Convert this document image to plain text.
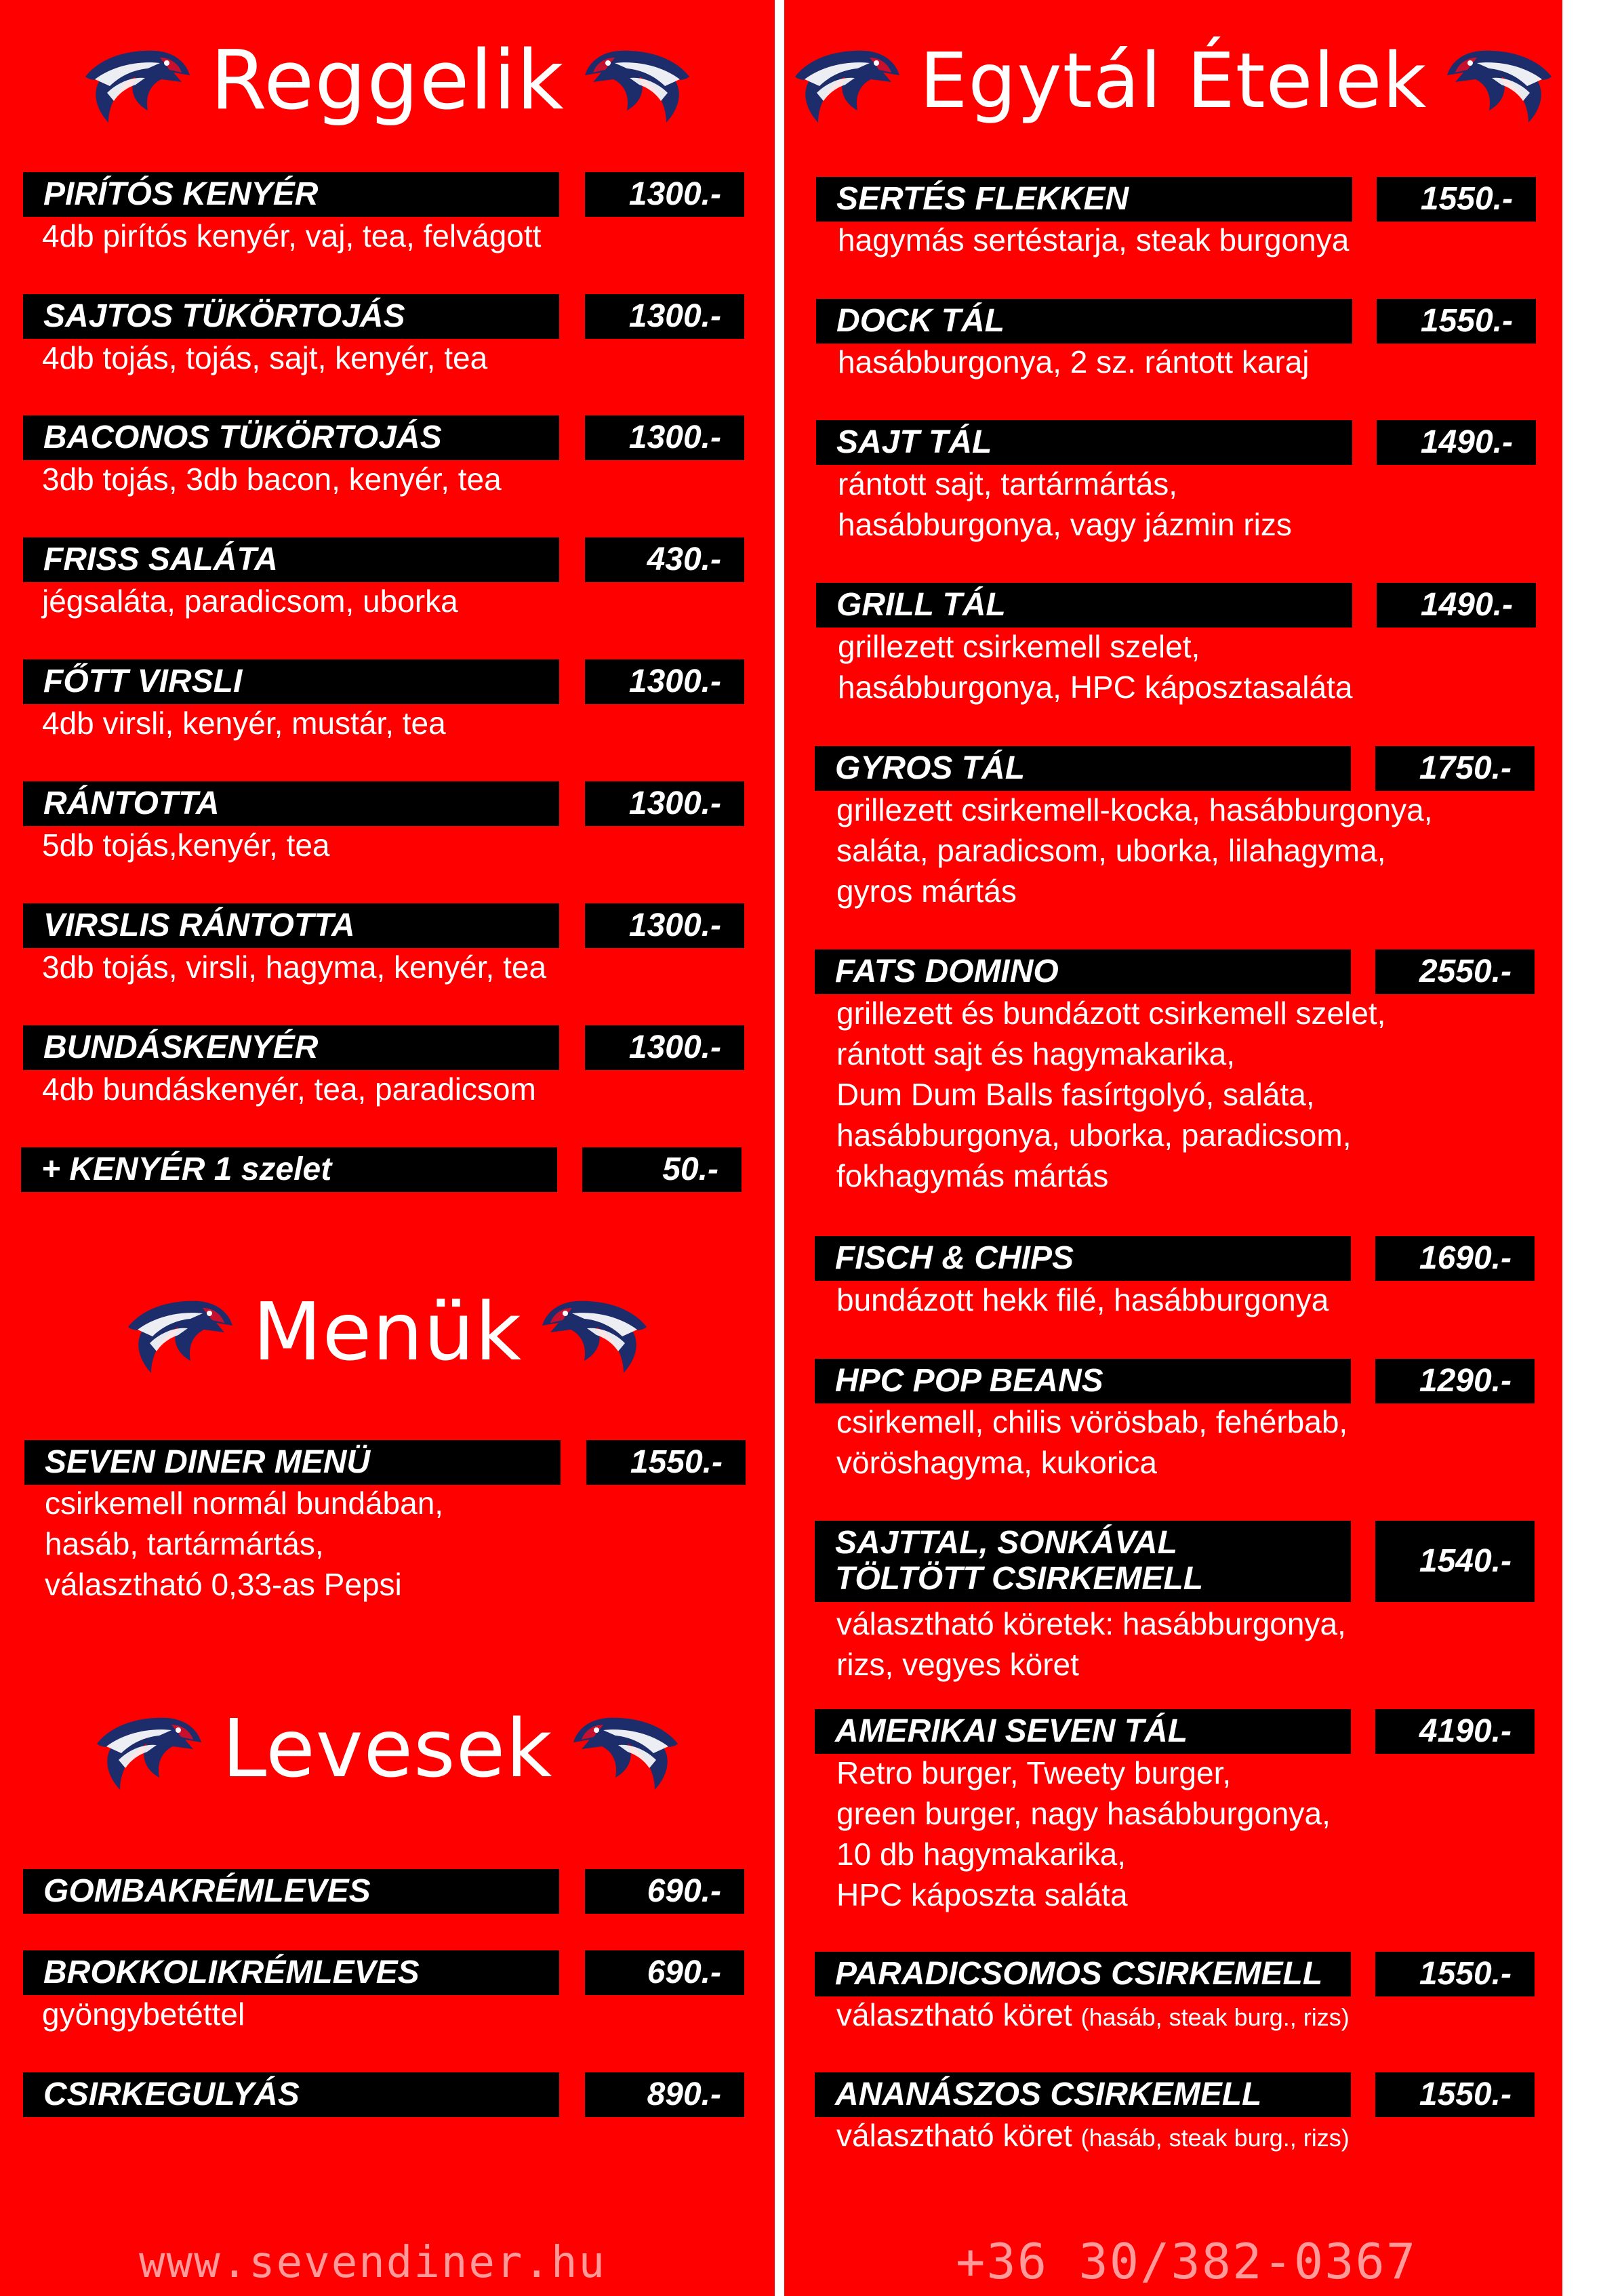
Reggelik	Egytál Ételek
Menük
Levesek
PIRÍTÓS KENYÉR	1300.-
4db pirítós kenyér, vaj, tea, felvágott
SAJTOS TÜKÖRTOJÁS	1300.-
4db tojás, tojás, sajt, kenyér, tea
BACONOS TÜKÖRTOJÁS	1300.-
3db tojás, 3db bacon, kenyér, tea
FRISS SALÁTA	430.-
jégsaláta, paradicsom, uborka
FŐTT VIRSLI	1300.-
4db virsli, kenyér, mustár, tea
RÁNTOTTA	1300.-
5db tojás,kenyér, tea
VIRSLIS RÁNTOTTA	1300.-
3db tojás, virsli, hagyma, kenyér, tea
BUNDÁSKENYÉR	1300.-
4db bundáskenyér, tea, paradicsom
+ KENYÉR 1 szelet	50.-
SEVEN DINER MENÜ	1550.-
csirkemell normál bundában,
hasáb, tartármártás,
választható 0,33-as Pepsi
GOMBAKRÉMLEVES	690.-
BROKKOLIKRÉMLEVES	690.-
gyöngybetéttel
CSIRKEGULYÁS	890.-
www.sevendiner.hu
SERTÉS FLEKKEN	1550.-
hagymás sertéstarja, steak burgonya
DOCK TÁL	1550.-
hasábburgonya, 2 sz. rántott karaj
SAJT TÁL	1490.-
rántott sajt, tartármártás,
hasábburgonya, vagy jázmin rizs
GRILL TÁL	1490.-
grillezett csirkemell szelet,
hasábburgonya, HPC káposztasaláta
GYROS TÁL	1750.-
grillezett csirkemell-kocka, hasábburgonya,
saláta, paradicsom, uborka, lilahagyma,
gyros mártás
FATS DOMINO	2550.-
grillezett és bundázott csirkemell szelet,
rántott sajt és hagymakarika,
Dum Dum Balls fasírtgolyó, saláta,
hasábburgonya, uborka, paradicsom,
fokhagymás mártás
FISCH & CHIPS	1690.-
bundázott hekk filé, hasábburgonya
HPC POP BEANS	1290.-
csirkemell, chilis vörösbab, fehérbab,
vöröshagyma, kukorica
SAJTTAL, SONKÁVAL
TÖLTÖTT CSIRKEMELL	1540.-
választható köretek: hasábburgonya,
rizs, vegyes köret
AMERIKAI SEVEN TÁL	4190.-
Retro burger, Tweety burger,
green burger, nagy hasábburgonya,
10 db hagymakarika,
HPC káposzta saláta
PARADICSOMOS CSIRKEMELL	1550.-
választható köret (hasáb, steak burg., rizs)
ANANÁSZOS CSIRKEMELL	1550.-
választható köret (hasáb, steak burg., rizs)
+36 30/382-0367
